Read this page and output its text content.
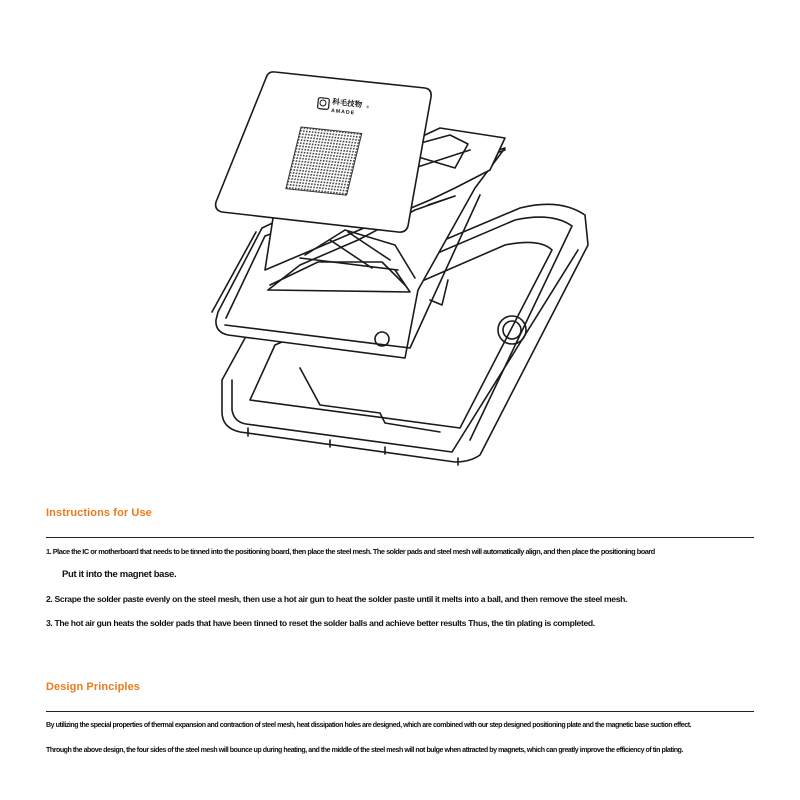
科毛技物 ®
AMADE
Instructions for Use
1. Place the IC or motherboard that needs to be tinned into the positioning board, then place the steel mesh. The solder pads and steel mesh will automatically align, and then place the positioning board
Put it into the magnet base.
2. Scrape the solder paste evenly on the steel mesh, then use a hot air gun to heat the solder paste until it melts into a ball, and then remove the steel mesh.
3. The hot air gun heats the solder pads that have been tinned to reset the solder balls and achieve better results Thus, the tin plating is completed.
Design Principles
By utilizing the special properties of thermal expansion and contraction of steel mesh, heat dissipation holes are designed, which are combined with our step designed positioning plate and the magnetic base suction effect.
Through the above design, the four sides of the steel mesh will bounce up during heating, and the middle of the steel mesh will not bulge when attracted by magnets, which can greatly improve the efficiency of tin plating.
